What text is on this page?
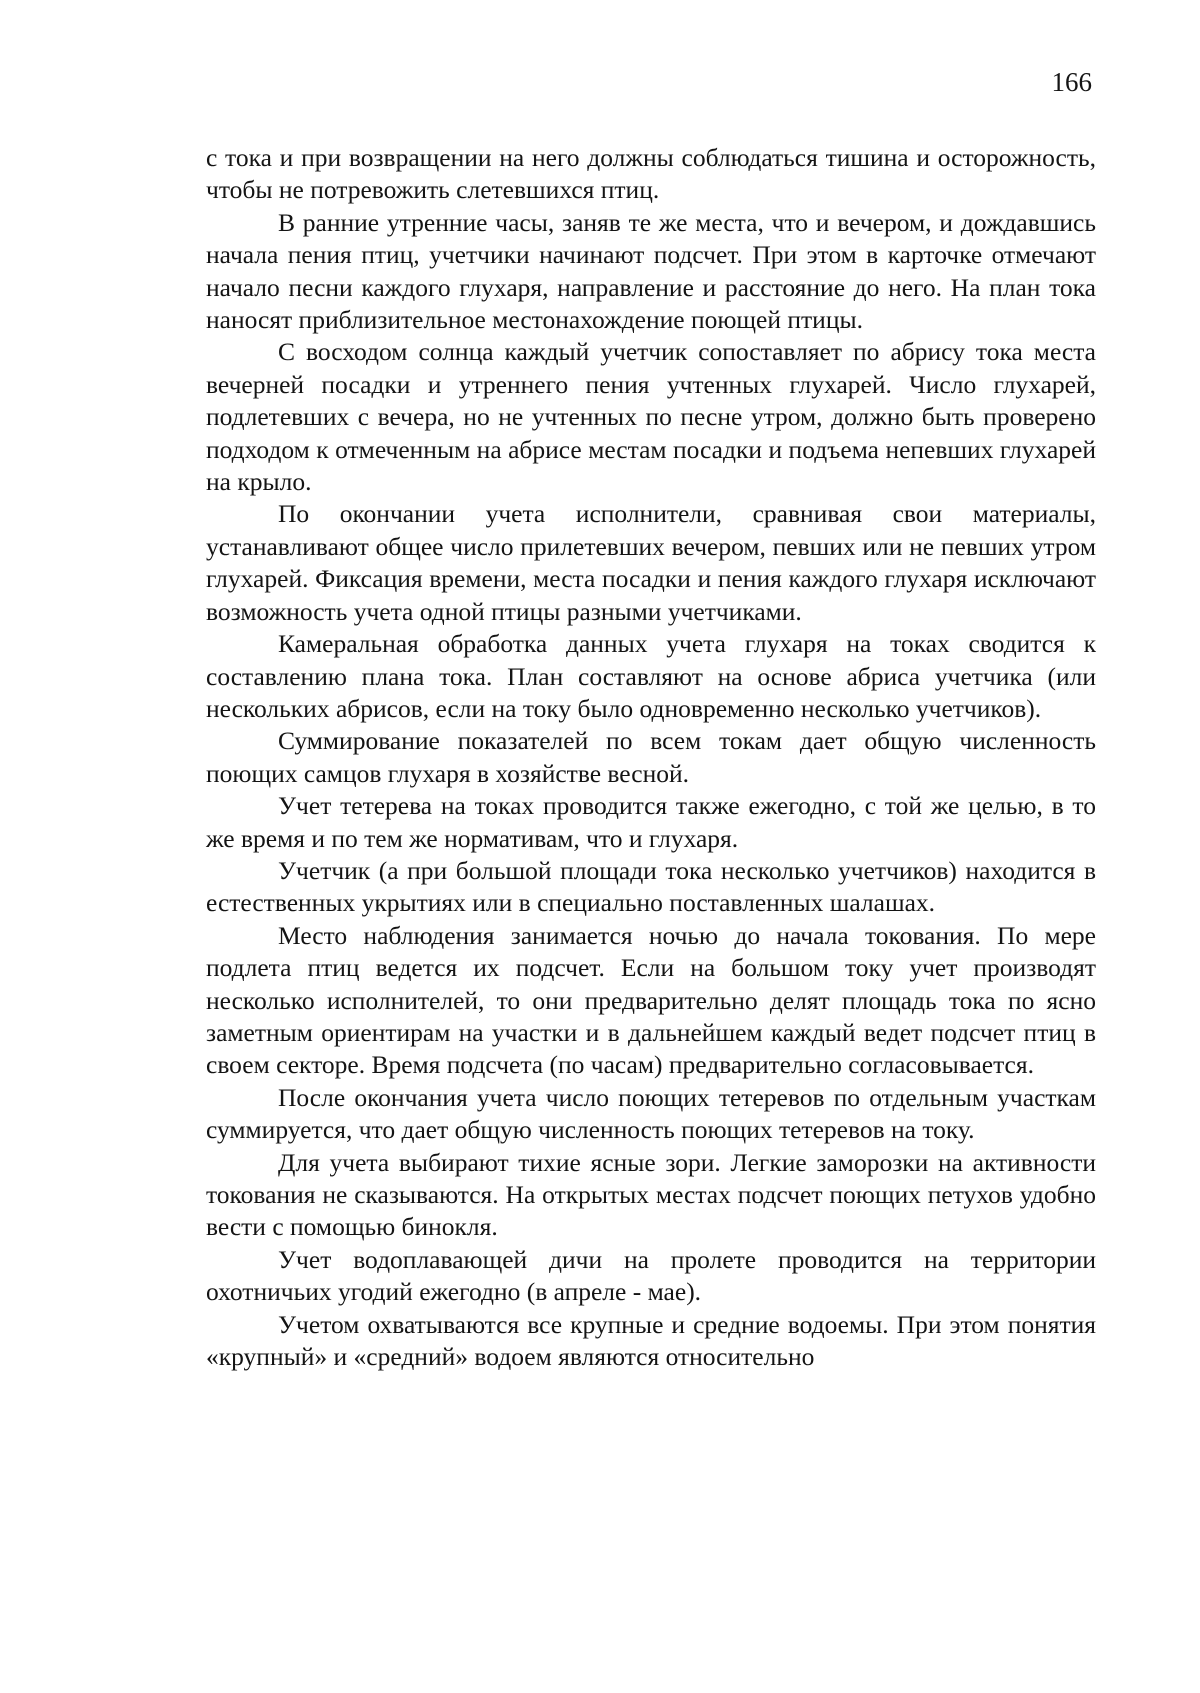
166

с тока и при возвращении на него должны соблюдаться тишина и осторожность, чтобы не потревожить слетевшихся птиц.

В ранние утренние часы, заняв те же места, что и вечером, и дождавшись начала пения птиц, учетчики начинают подсчет. При этом в карточке отмечают начало песни каждого глухаря, направление и расстояние до него. На план тока наносят приблизительное местонахождение поющей птицы.

С восходом солнца каждый учетчик сопоставляет по абрису тока места вечерней посадки и утреннего пения учтенных глухарей. Число глухарей, подлетевших с вечера, но не учтенных по песне утром, должно быть проверено подходом к отмеченным на абрисе местам посадки и подъема непевших глухарей на крыло.

По окончании учета исполнители, сравнивая свои материалы, устанавливают общее число прилетевших вечером, певших или не певших утром глухарей. Фиксация времени, места посадки и пения каждого глухаря исключают возможность учета одной птицы разными учетчиками.

Камеральная обработка данных учета глухаря на токах сводится к составлению плана тока. План составляют на основе абриса учетчика (или нескольких абрисов, если на току было одновременно несколько учетчиков).

Суммирование показателей по всем токам дает общую численность поющих самцов глухаря в хозяйстве весной.

Учет тетерева на токах проводится также ежегодно, с той же целью, в то же время и по тем же нормативам, что и глухаря.

Учетчик (а при большой площади тока несколько учетчиков) находится в естественных укрытиях или в специально поставленных шалашах.

Место наблюдения занимается ночью до начала токования. По мере подлета птиц ведется их подсчет. Если на большом току учет производят несколько исполнителей, то они предварительно делят площадь тока по ясно заметным ориентирам на участки и в дальнейшем каждый ведет подсчет птиц в своем секторе. Время подсчета (по часам) предварительно согласовывается.

После окончания учета число поющих тетеревов по отдельным участкам суммируется, что дает общую численность поющих тетеревов на току.

Для учета выбирают тихие ясные зори. Легкие заморозки на активности токования не сказываются. На открытых местах подсчет поющих петухов удобно вести с помощью бинокля.

Учет водоплавающей дичи на пролете проводится на территории охотничьих угодий ежегодно (в апреле - мае).

Учетом охватываются все крупные и средние водоемы. При этом понятия «крупный» и «средний» водоем являются относительно
